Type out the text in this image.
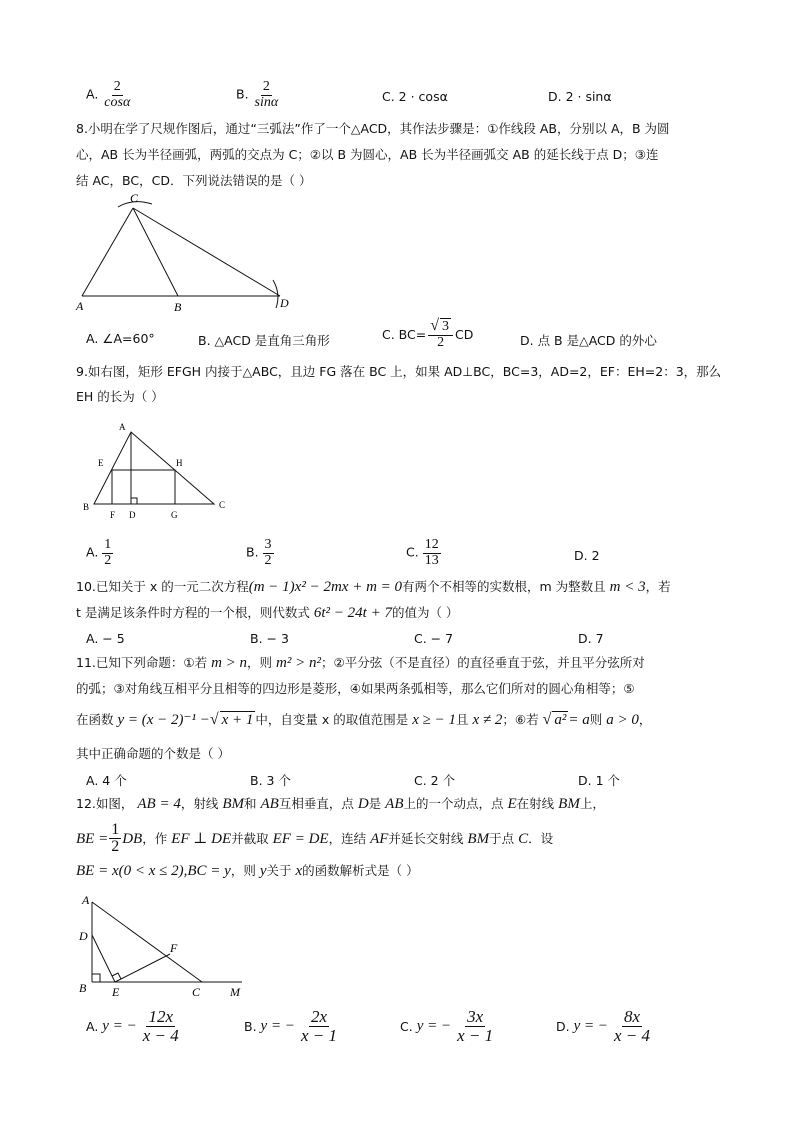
A. $\frac{2}{\cos\alpha}$	B. $\frac{2}{\sin\alpha}$	C. 2 · cosα	D. 2 · sinα
8.小明在学了尺规作图后，通过“三弧法”作了一个△ACD，其作法步骤是：①作线段 AB，分别以 A，B 为圆
心，AB 长为半径画弧，两弧的交点为 C；②以 B 为圆心，AB 长为半径画弧交 AB 的延长线于点 D；③连
结 AC，BC，CD．下列说法错误的是（ ）
C
A	B	D
A. ∠A=60°	B. △ACD 是直角三角形	C. $BC= \frac{√ 3}{2}$ CD	D. 点 B 是△ACD 的外心
9.如右图，矩形 EFGH 内接于△ABC，且边 FG 落在 BC 上，如果 AD⊥BC，BC=3，AD=2，EF：EH=2：3，那么
EH 的长为（ ）
A
E	H
B
F D	G
C
A. $\frac{1}{2}$	B. $\frac{3}{2}$	C. $\frac{12}{13}$	D. 2
10.已知关于 x 的一元二次方程(m − 1)x² − 2mx + m = 0有两个不相等的实数根，m 为整数且 m < 3，若
t 是满足该条件时方程的一个根，则代数式 6t² − 24t + 7的值为（ ）
A. − 5	B. − 3	C. − 7	D. 7
11.已知下列命题：①若 m > n，则 m² > n²；②平分弦（不是直径）的直径垂直于弦，并且平分弦所对
的弧；③对角线互相平分且相等的四边形是菱形，④如果两条弧相等，那么它们所对的圆心角相等；⑤
在函数 y = (x − 2)⁻¹ −√ x + 1 中，自变量 x 的取值范围是 x ≥ − 1且 x ≠ 2；⑥若 √ a² = a则 a > 0，
其中正确命题的个数是（ ）
A. 4 个	B. 3 个	C. 2 个	D. 1 个
12.如图， AB = 4，射线 BM和 AB互相垂直，点 D是 AB上的一个动点，点 E在射线 BM上，
BE = $\frac{1}{2}$ DB ，作
EF ⊥ DE 并截取
EF = DE ，连结
AF 并延长交射线
BM 于点
C ．设
BE = x(0 < x ≤ 2),BC = y，则 y关于 x的函数解析式是（ ）
A
D
F
B E	C M
A.
y = − $\frac{12x}{x - 4}$	B.
y = − $\frac{2x}{x - 1}$	C.
y = − $\frac{3x}{x - 1}$	D.
y = − $\frac{8x}{x - 4}$
